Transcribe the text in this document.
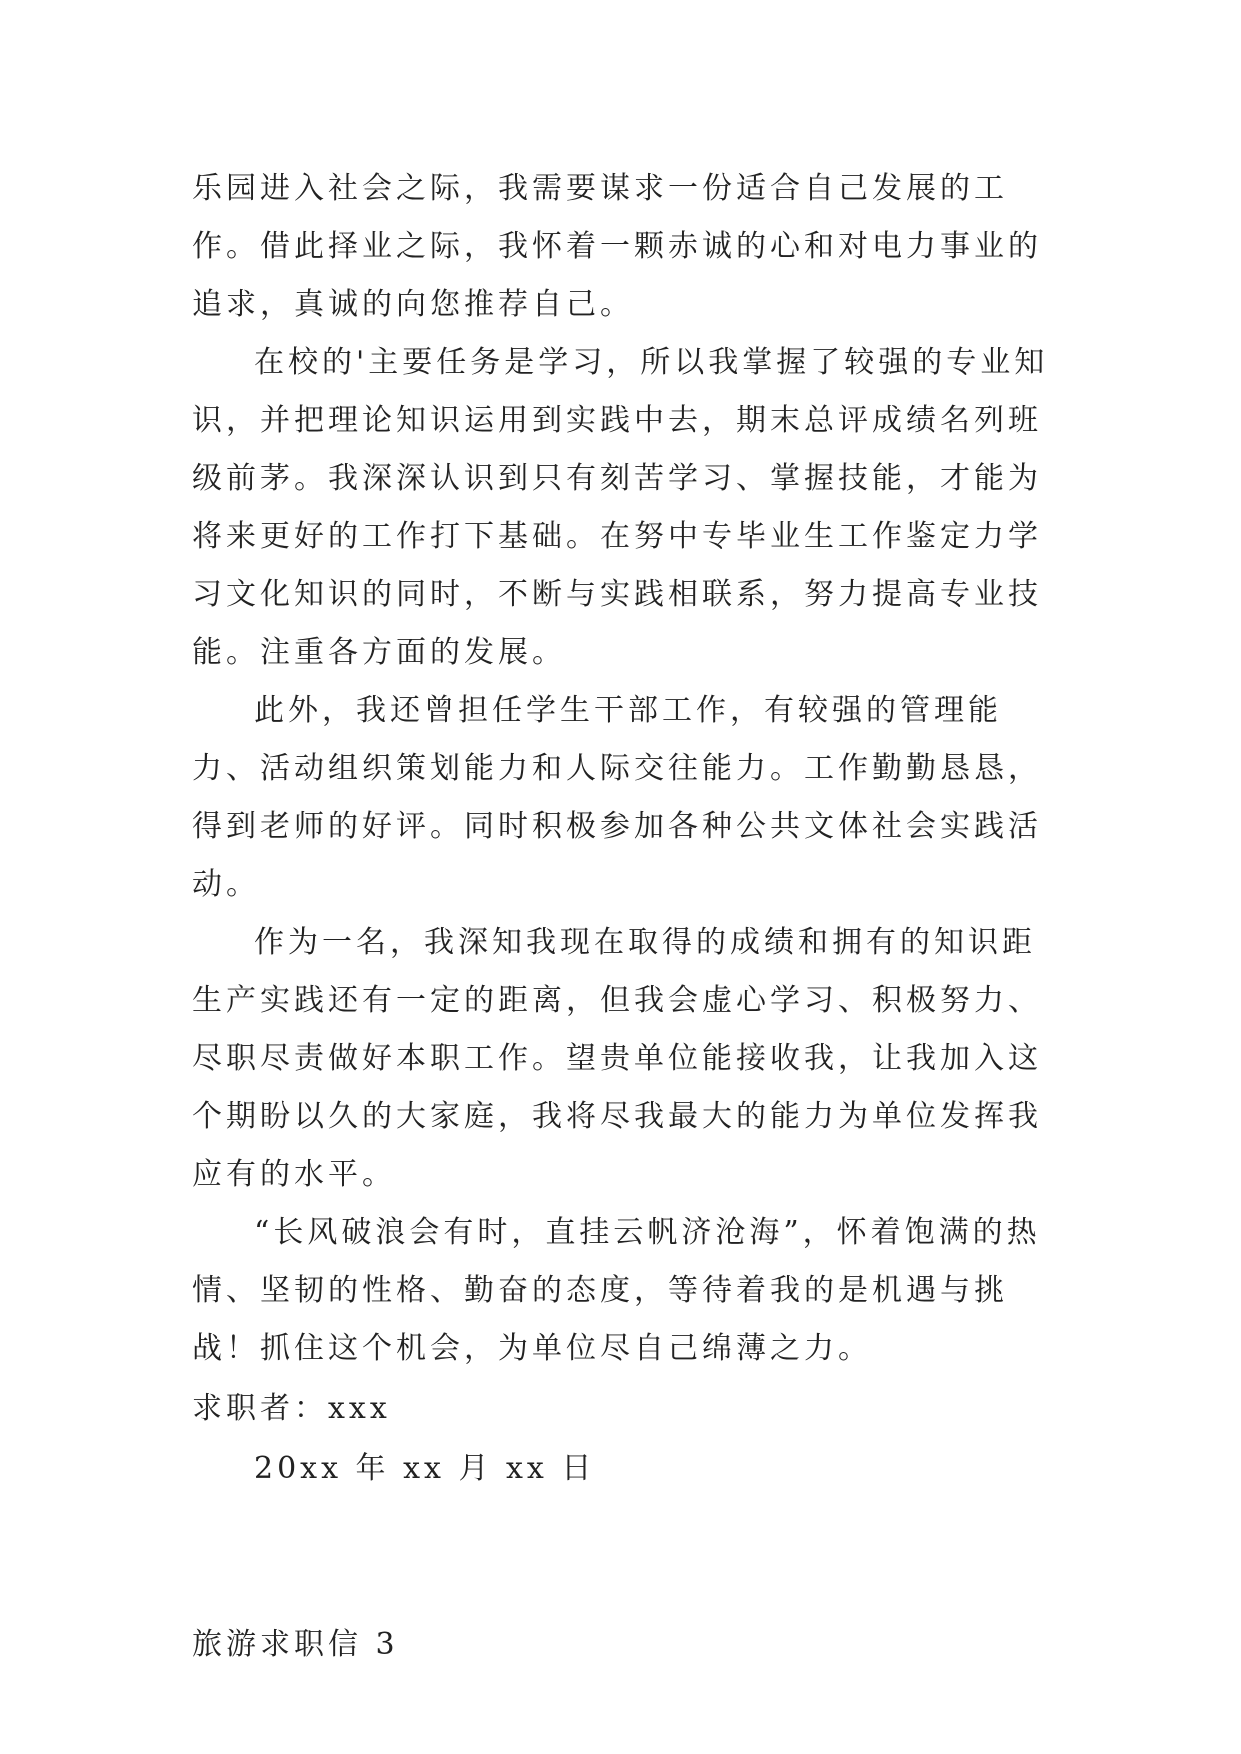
乐园进入社会之际，我需要谋求一份适合自己发展的工作。借此择业之际，我怀着一颗赤诚的心和对电力事业的追求，真诚的向您推荐自己。

在校的'主要任务是学习，所以我掌握了较强的专业知识，并把理论知识运用到实践中去，期末总评成绩名列班级前茅。我深深认识到只有刻苦学习、掌握技能，才能为将来更好的工作打下基础。在努中专毕业生工作鉴定力学习文化知识的同时，不断与实践相联系，努力提高专业技能。注重各方面的发展。

此外，我还曾担任学生干部工作，有较强的管理能力、活动组织策划能力和人际交往能力。工作勤勤恳恳，得到老师的好评。同时积极参加各种公共文体社会实践活动。

作为一名，我深知我现在取得的成绩和拥有的知识距生产实践还有一定的距离，但我会虚心学习、积极努力、尽职尽责做好本职工作。望贵单位能接收我，让我加入这个期盼以久的大家庭，我将尽我最大的能力为单位发挥我应有的水平。

“长风破浪会有时，直挂云帆济沧海”，怀着饱满的热情、坚韧的性格、勤奋的态度，等待着我的是机遇与挑战！抓住这个机会，为单位尽自己绵薄之力。

求职者：xxx

20xx 年 xx 月 xx 日

旅游求职信 3
